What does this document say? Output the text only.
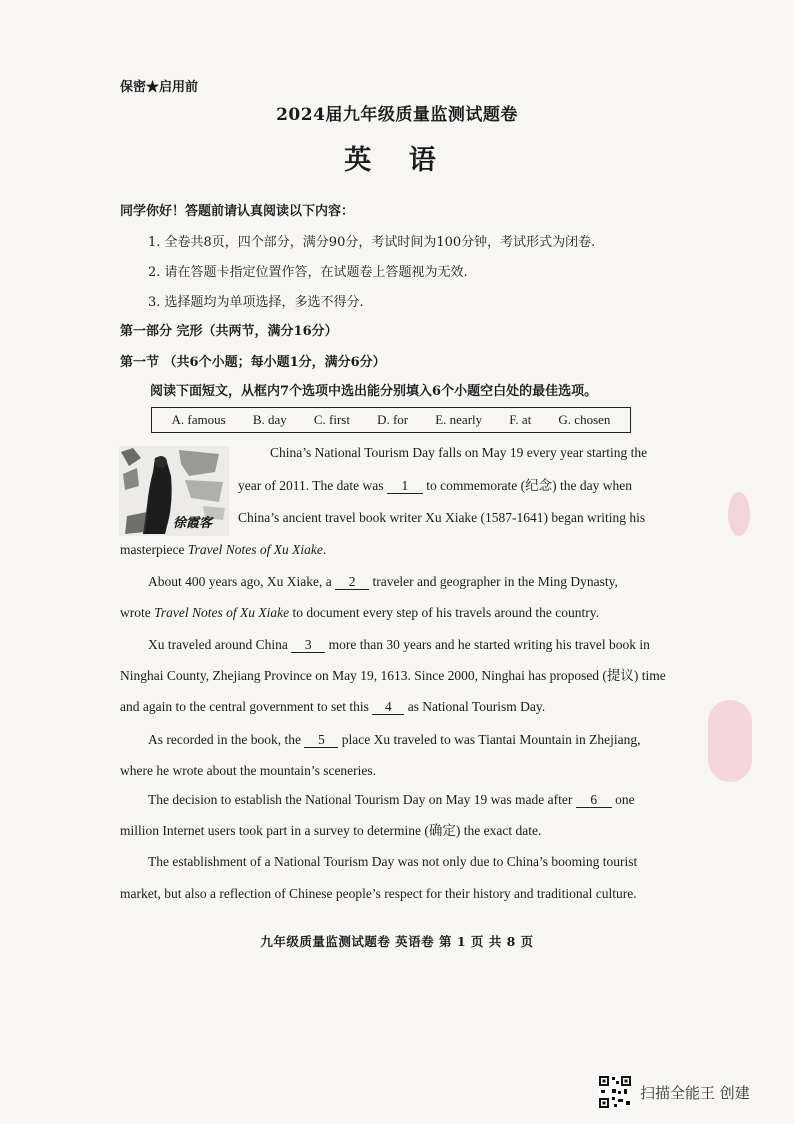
保密★启用前
2024届九年级质量监测试题卷
英 语
同学你好！答题前请认真阅读以下内容：
1. 全卷共8页，四个部分，满分90分，考试时间为100分钟，考试形式为闭卷.
2. 请在答题卡指定位置作答，在试题卷上答题视为无效.
3. 选择题均为单项选择，多选不得分.
第一部分 完形（共两节，满分16分）
第一节 （共6个小题；每小题1分，满分6分）
阅读下面短文，从框内7个选项中选出能分别填入6个小题空白处的最佳选项。
A. famous B. day C. first D. for E. nearly F. at G. chosen
徐霞客
China’s National Tourism Day falls on May 19 every year starting the
year of 2011. The date was 1 to commemorate (纪念) the day when
China’s ancient travel book writer Xu Xiake (1587-1641) began writing his
masterpiece Travel Notes of Xu Xiake.
About 400 years ago, Xu Xiake, a 2 traveler and geographer in the Ming Dynasty,
wrote Travel Notes of Xu Xiake to document every step of his travels around the country.
Xu traveled around China 3 more than 30 years and he started writing his travel book in
Ninghai County, Zhejiang Province on May 19, 1613. Since 2000, Ninghai has proposed (提议) time
and again to the central government to set this 4 as National Tourism Day.
As recorded in the book, the 5 place Xu traveled to was Tiantai Mountain in Zhejiang,
where he wrote about the mountain’s sceneries.
The decision to establish the National Tourism Day on May 19 was made after 6 one
million Internet users took part in a survey to determine (确定) the exact date.
The establishment of a National Tourism Day was not only due to China’s booming tourist
market, but also a reflection of Chinese people’s respect for their history and traditional culture.
九年级质量监测试题卷 英语卷 第 1 页 共 8 页
扫描全能王 创建
